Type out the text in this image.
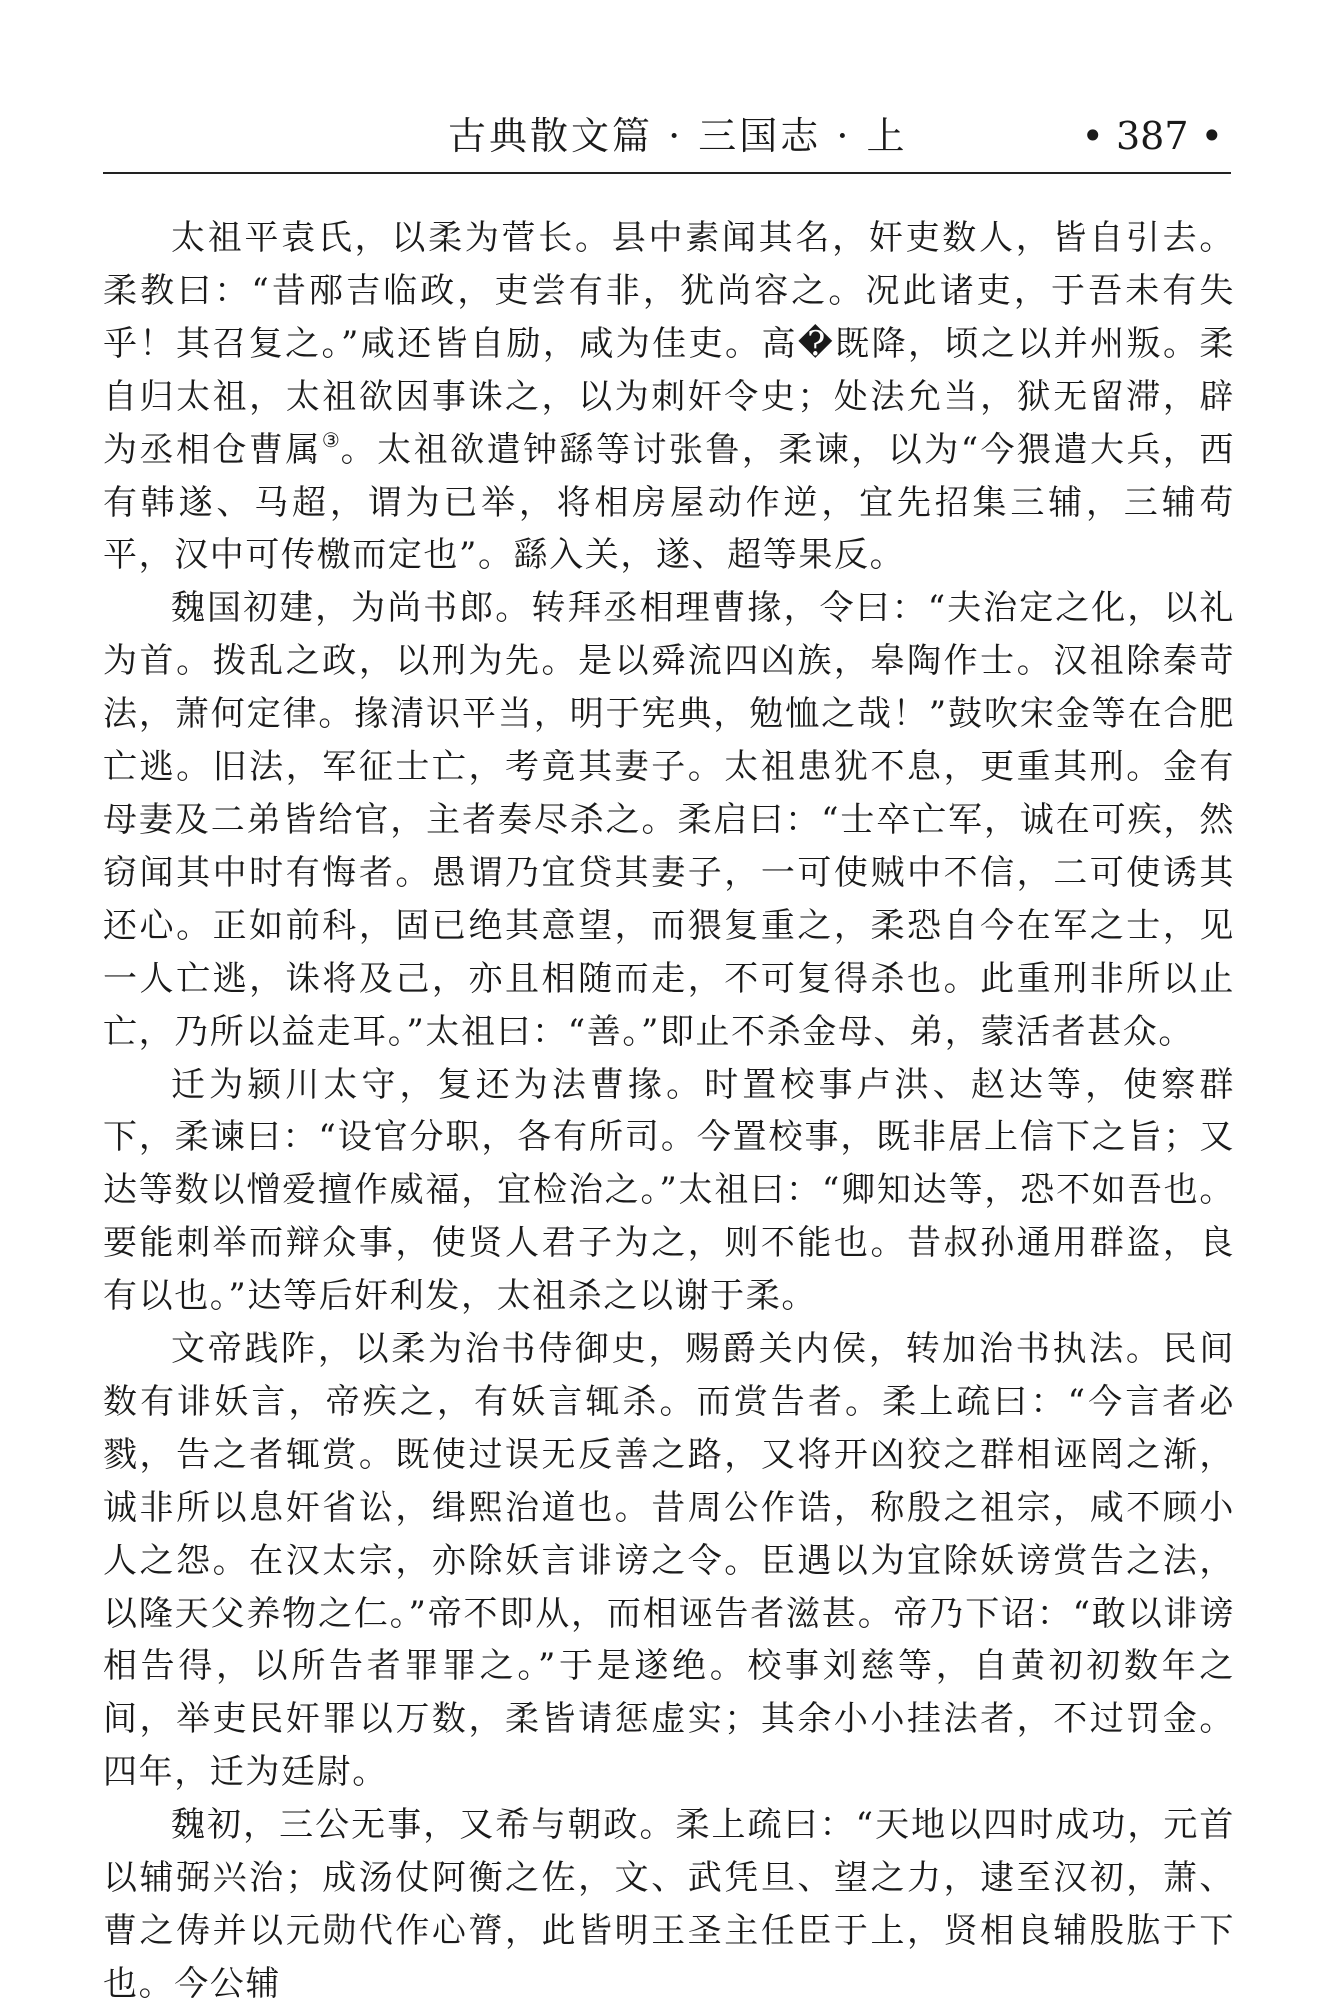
古典散文篇 · 三国志 · 上	• 387 •

太祖平袁氏，以柔为菅长。县中素闻其名，奸吏数人，皆自引去。柔教曰：“昔邴吉临政，吏尝有非，犹尚容之。况此诸吏，于吾未有失乎！其召复之。”咸还皆自励，咸为佳吏。高�既降，顷之以并州叛。柔自归太祖，太祖欲因事诛之，以为刺奸令史；处法允当，狱无留滞，辟为丞相仓曹属③。太祖欲遣钟繇等讨张鲁，柔谏，以为“今猥遣大兵，西有韩遂、马超，谓为已举，将相房屋动作逆，宜先招集三辅，三辅苟平，汉中可传檄而定也”。繇入关，遂、超等果反。

魏国初建，为尚书郎。转拜丞相理曹掾，令曰：“夫治定之化，以礼为首。拨乱之政，以刑为先。是以舜流四凶族，皋陶作士。汉祖除秦苛法，萧何定律。掾清识平当，明于宪典，勉恤之哉！”鼓吹宋金等在合肥亡逃。旧法，军征士亡，考竟其妻子。太祖患犹不息，更重其刑。金有母妻及二弟皆给官，主者奏尽杀之。柔启曰：“士卒亡军，诚在可疾，然窃闻其中时有悔者。愚谓乃宜贷其妻子，一可使贼中不信，二可使诱其还心。正如前科，固已绝其意望，而猥复重之，柔恐自今在军之士，见一人亡逃，诛将及己，亦且相随而走，不可复得杀也。此重刑非所以止亡，乃所以益走耳。”太祖曰：“善。”即止不杀金母、弟，蒙活者甚众。

迁为颍川太守，复还为法曹掾。时置校事卢洪、赵达等，使察群下，柔谏曰：“设官分职，各有所司。今置校事，既非居上信下之旨；又达等数以憎爱擅作威福，宜检治之。”太祖曰：“卿知达等，恐不如吾也。要能刺举而辩众事，使贤人君子为之，则不能也。昔叔孙通用群盗，良有以也。”达等后奸利发，太祖杀之以谢于柔。

文帝践阼，以柔为治书侍御史，赐爵关内侯，转加治书执法。民间数有诽妖言，帝疾之，有妖言辄杀。而赏告者。柔上疏曰：“今言者必戮，告之者辄赏。既使过误无反善之路，又将开凶狡之群相诬罔之渐，诚非所以息奸省讼，缉熙治道也。昔周公作诰，称殷之祖宗，咸不顾小人之怨。在汉太宗，亦除妖言诽谤之令。臣遇以为宜除妖谤赏告之法，以隆天父养物之仁。”帝不即从，而相诬告者滋甚。帝乃下诏：“敢以诽谤相告得，以所告者罪罪之。”于是遂绝。校事刘慈等，自黄初初数年之间，举吏民奸罪以万数，柔皆请惩虚实；其余小小挂法者，不过罚金。四年，迁为廷尉。

魏初，三公无事，又希与朝政。柔上疏曰：“天地以四时成功，元首以辅弼兴治；成汤仗阿衡之佐，文、武凭旦、望之力，逮至汉初，萧、曹之俦并以元勋代作心膂，此皆明王圣主任臣于上，贤相良辅股肱于下也。今公辅
